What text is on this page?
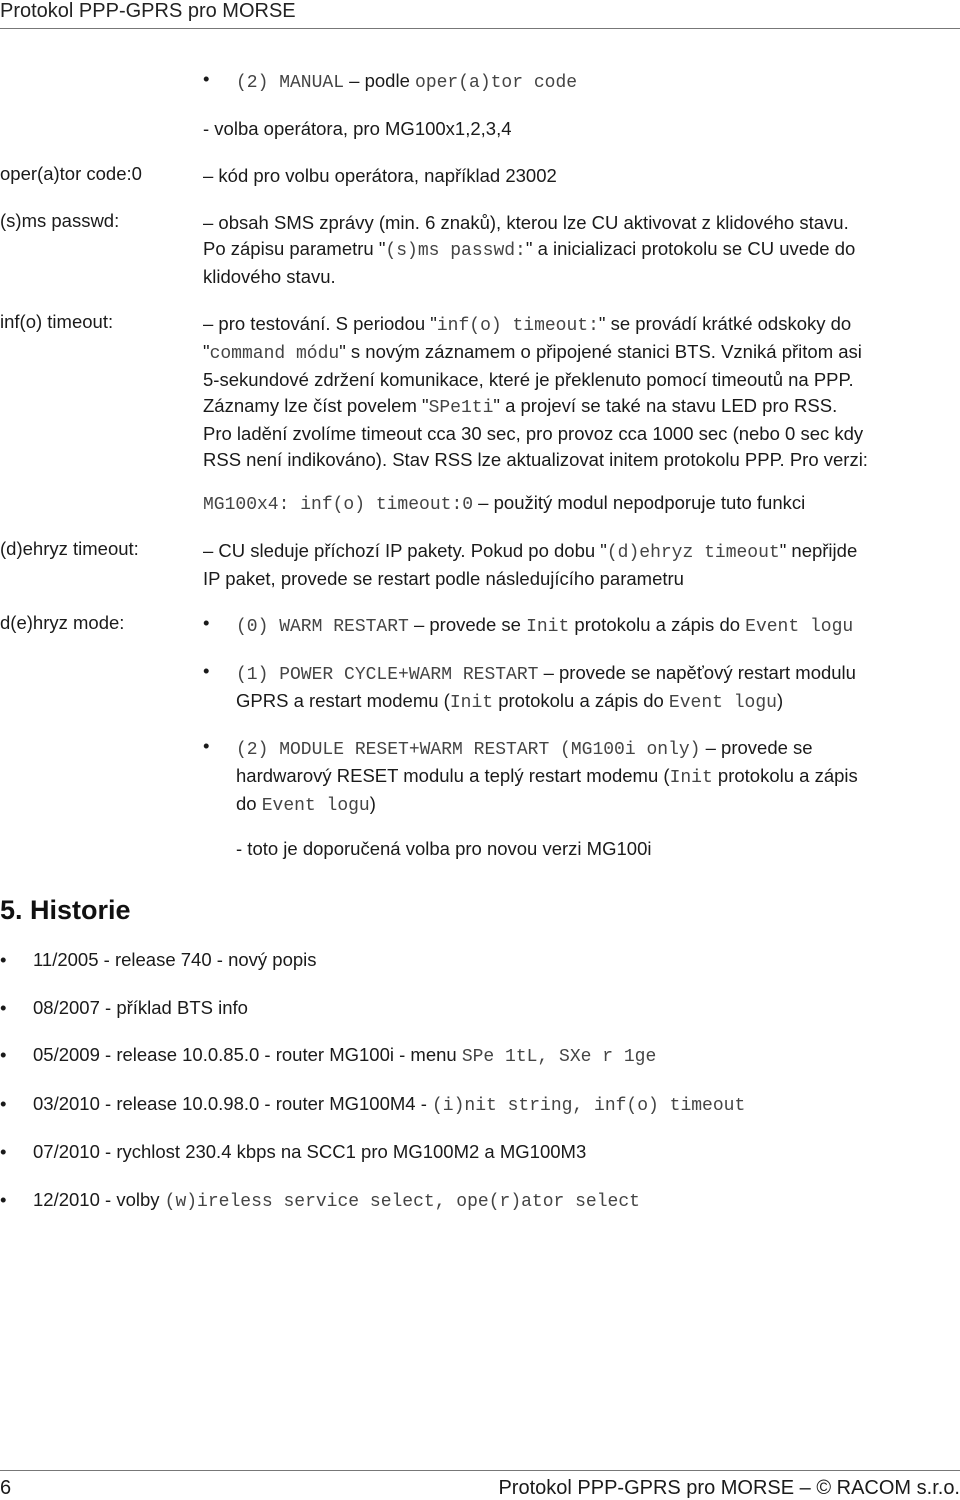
Protokol PPP-GPRS pro MORSE
• (2) MANUAL – podle oper(a)tor code
- volba operátora, pro MG100x1,2,3,4
oper(a)tor code:0	– kód pro volbu operátora, například 23002
(s)ms passwd:	– obsah SMS zprávy (min. 6 znaků), kterou lze CU aktivovat z klidového stavu.
Po zápisu parametru "(s)ms passwd:" a inicializaci protokolu se CU uvede do
klidového stavu.
inf(o) timeout:	– pro testování. S periodou "inf(o) timeout:" se provádí krátké odskoky do
"command módu" s novým záznamem o připojené stanici BTS. Vzniká přitom asi
5-sekundové zdržení komunikace, které je překlenuto pomocí timeoutů na PPP.
Záznamy lze číst povelem "SPe1ti" a projeví se také na stavu LED pro RSS.
Pro ladění zvolíme timeout cca 30 sec, pro provoz cca 1000 sec (nebo 0 sec kdy
RSS není indikováno). Stav RSS lze aktualizovat initem protokolu PPP. Pro verzi:
MG100x4: inf(o) timeout:0 – použitý modul nepodporuje tuto funkci
(d)ehryz timeout:	– CU sleduje příchozí IP pakety. Pokud po dobu "(d)ehryz timeout" nepřijde
IP paket, provede se restart podle následujícího parametru
d(e)hryz mode:	• (0) WARM RESTART – provede se Init protokolu a zápis do Event logu
• (1) POWER CYCLE+WARM RESTART – provede se napěťový restart modulu
GPRS a restart modemu (Init protokolu a zápis do Event logu)
• (2) MODULE RESET+WARM RESTART (MG100i only) – provede se
hardwarový RESET modulu a teplý restart modemu (Init protokolu a zápis
do Event logu)
- toto je doporučená volba pro novou verzi MG100i
5. Historie
• 11/2005 - release 740 - nový popis
• 08/2007 - příklad BTS info
• 05/2009 - release 10.0.85.0 - router MG100i - menu SPe 1tL, SXe r 1ge
• 03/2010 - release 10.0.98.0 - router MG100M4 - (i)nit string, inf(o) timeout
• 07/2010 - rychlost 230.4 kbps na SCC1 pro MG100M2 a MG100M3
• 12/2010 - volby (w)ireless service select, ope(r)ator select
6	Protokol PPP-GPRS pro MORSE – © RACOM s.r.o.
